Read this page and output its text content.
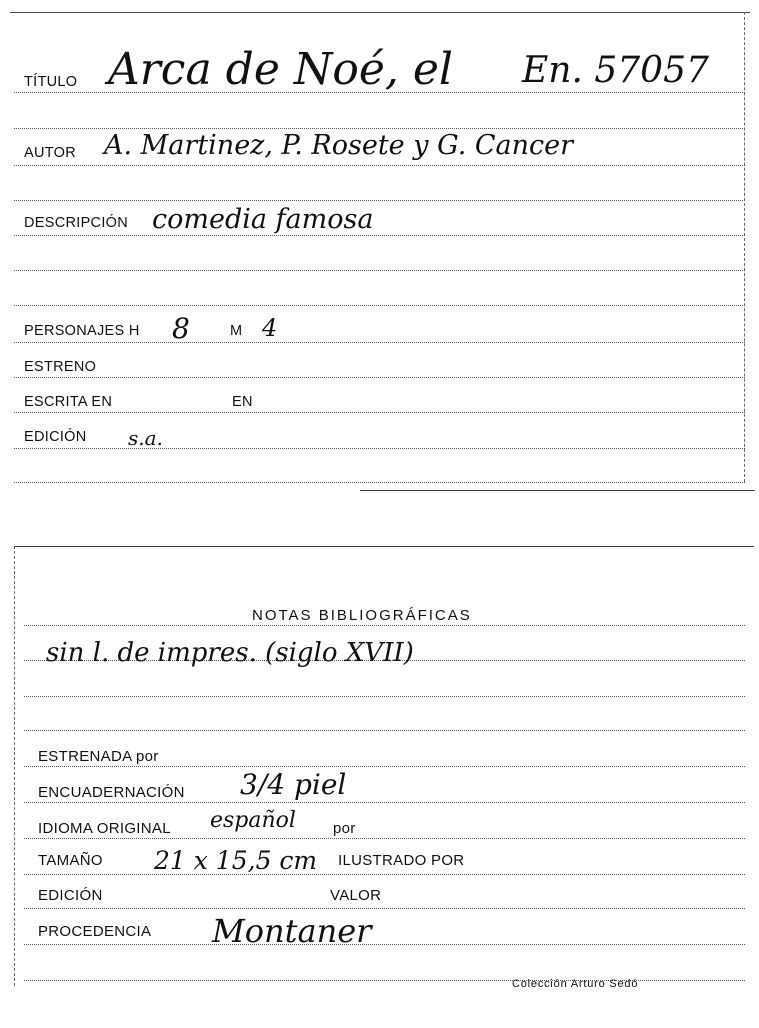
TÍTULO Arca de Noé, el En. 57057
AUTOR A. Martinez, P. Rosete y G. Cancer
DESCRIPCIÓN comedia famosa
PERSONAJES H 8	M 4
ESTRENO
ESCRITA EN	EN
EDICIÓN s.a.
NOTAS BIBLIOGRÁFICAS
sin l. de impres. (siglo XVII)
ESTRENADA por
ENCUADERNACIÓN 3/4 piel
IDIOMA ORIGINAL español por
TAMAÑO 21 x 15,5 cm ILUSTRADO POR
EDICIÓN	VALOR
PROCEDENCIA Montaner
Colección Arturo Sedó
